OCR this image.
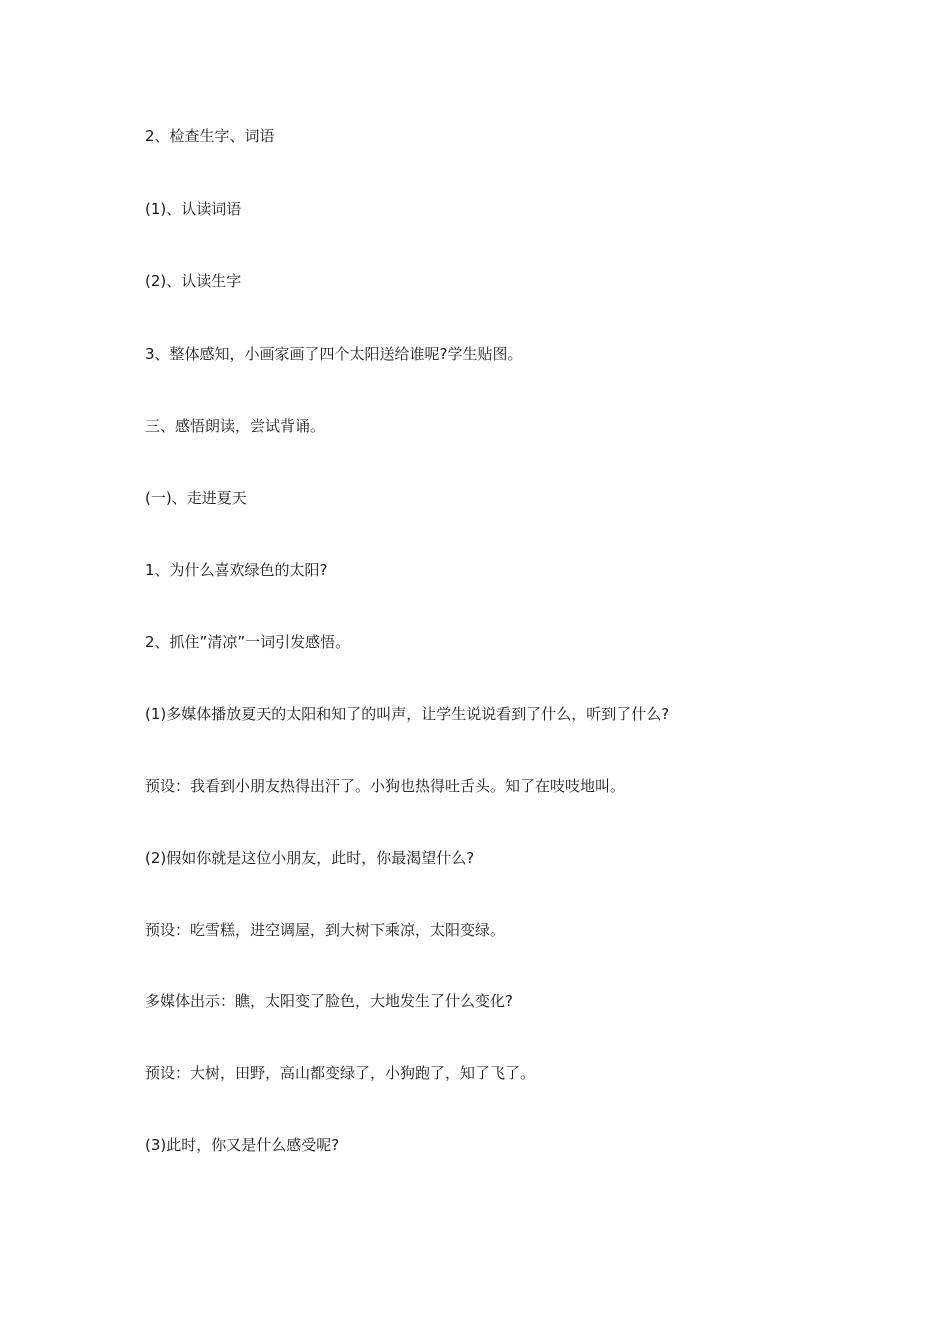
2、检查生字、词语
(1)、认读词语
(2)、认读生字
3、整体感知，小画家画了四个太阳送给谁呢?学生贴图。
三、感悟朗读，尝试背诵。
(一)、走进夏天
1、为什么喜欢绿色的太阳?
2、抓住”清凉”一词引发感悟。
(1)多媒体播放夏天的太阳和知了的叫声，让学生说说看到了什么，听到了什么?
预设：我看到小朋友热得出汗了。小狗也热得吐舌头。知了在吱吱地叫。
(2)假如你就是这位小朋友，此时，你最渴望什么?
预设：吃雪糕，进空调屋，到大树下乘凉，太阳变绿。
多媒体出示：瞧，太阳变了脸色，大地发生了什么变化?
预设：大树，田野，高山都变绿了，小狗跑了，知了飞了。
(3)此时，你又是什么感受呢?
